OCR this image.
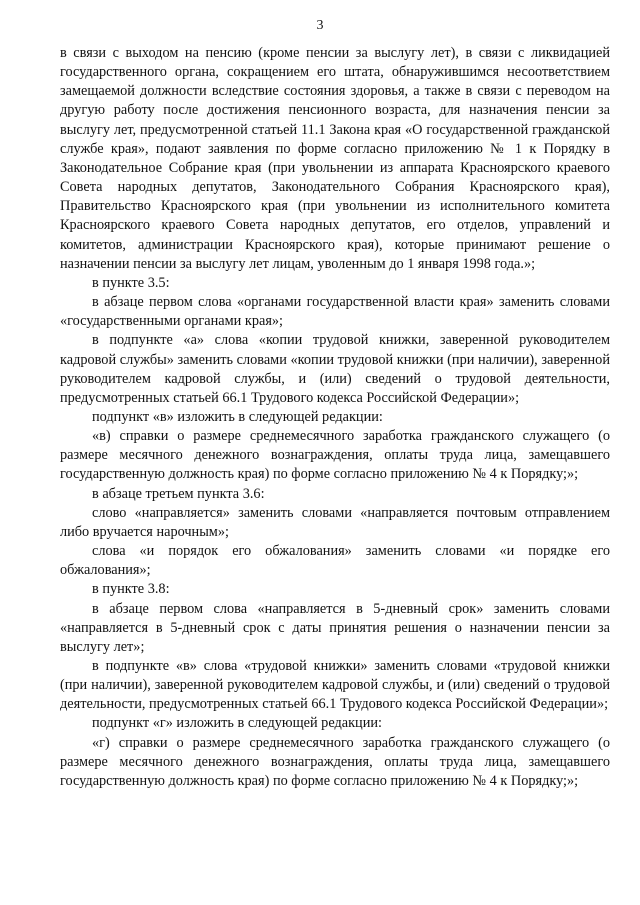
3

в связи с выходом на пенсию (кроме пенсии за выслугу лет), в связи с ликвидацией государственного органа, сокращением его штата, обнаружившимся несоответствием замещаемой должности вследствие состояния здоровья, а также в связи с переводом на другую работу после достижения пенсионного возраста, для назначения пенсии за выслугу лет, предусмотренной статьей 11.1 Закона края «О государственной гражданской службе края», подают заявления по форме согласно приложению № 1 к Порядку в Законодательное Собрание края (при увольнении из аппарата Красноярского краевого Совета народных депутатов, Законодательного Собрания Красноярского края), Правительство Красноярского края (при увольнении из исполнительного комитета Красноярского краевого Совета народных депутатов, его отделов, управлений и комитетов, администрации Красноярского края), которые принимают решение о назначении пенсии за выслугу лет лицам, уволенным до 1 января 1998 года.»;

в пункте 3.5:

в абзаце первом слова «органами государственной власти края» заменить словами «государственными органами края»;

в подпункте «а» слова «копии трудовой книжки, заверенной руководителем кадровой службы» заменить словами «копии трудовой книжки (при наличии), заверенной руководителем кадровой службы, и (или) сведений о трудовой деятельности, предусмотренных статьей 66.1 Трудового кодекса Российской Федерации»;

подпункт «в» изложить в следующей редакции:

«в) справки о размере среднемесячного заработка гражданского служащего (о размере месячного денежного вознаграждения, оплаты труда лица, замещавшего государственную должность края) по форме согласно приложению № 4 к Порядку;»;

в абзаце третьем пункта 3.6:

слово «направляется» заменить словами «направляется почтовым отправлением либо вручается нарочным»;

слова «и порядок его обжалования» заменить словами «и порядке его обжалования»;

в пункте 3.8:

в абзаце первом слова «направляется в 5-дневный срок» заменить словами «направляется в 5-дневный срок с даты принятия решения о назначении пенсии за выслугу лет»;

в подпункте «в» слова «трудовой книжки» заменить словами «трудовой книжки (при наличии), заверенной руководителем кадровой службы, и (или) сведений о трудовой деятельности, предусмотренных статьей 66.1 Трудового кодекса Российской Федерации»;

подпункт «г» изложить в следующей редакции:

«г) справки о размере среднемесячного заработка гражданского служащего (о размере месячного денежного вознаграждения, оплаты труда лица, замещавшего государственную должность края) по форме согласно приложению № 4 к Порядку;»;
